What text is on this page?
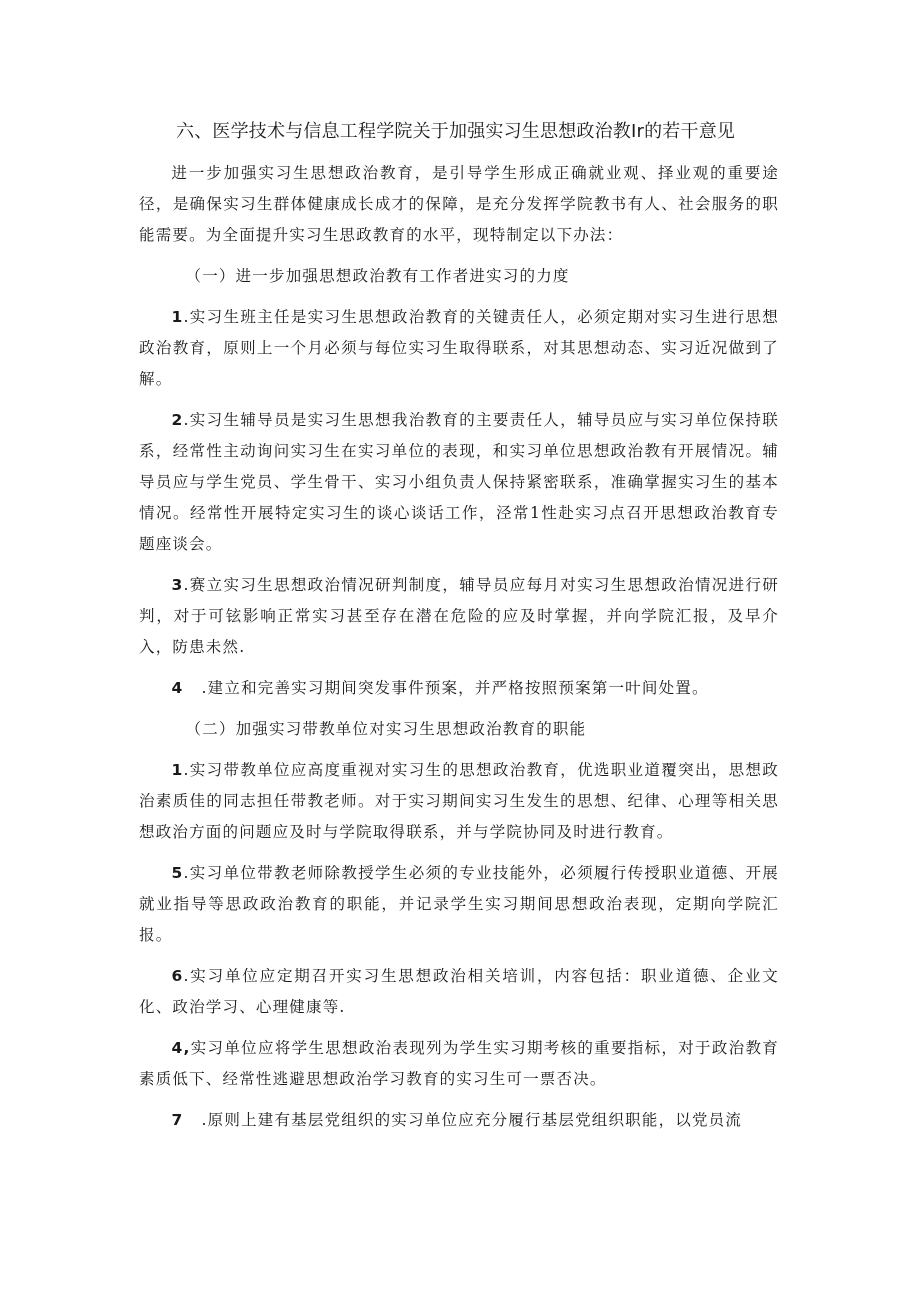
六、医学技术与信息工程学院关于加强实习生思想政治教Ir的若干意见

进一步加强实习生思想政治教育，是引导学生形成正确就业观、择业观的重要途径，是确保实习生群体健康成长成才的保障，是充分发挥学院教书有人、社会服务的职能需要。为全面提升实习生思政教育的水平，现特制定以下办法：

（一）进一步加强思想政治教有工作者进实习的力度

1.实习生班主任是实习生思想政治教育的关键责任人，必须定期对实习生进行思想政治教育，原则上一个月必须与每位实习生取得联系，对其思想动态、实习近况做到了解。

2.实习生辅导员是实习生思想我治教育的主要责任人，辅导员应与实习单位保持联系，经常性主动询问实习生在实习单位的表现，和实习单位思想政治教有开展情况。辅导员应与学生党员、学生骨干、实习小组负责人保持紧密联系，准确掌握实习生的基本情况。经常性开展特定实习生的谈心谈话工作，泾常1性赴实习点召开思想政治教育专题座谈会。

3.赛立实习生思想政治情况研判制度，辅导员应每月对实习生思想政治情况进行研判，对于可铉影响正常实习甚至存在潜在危险的应及时掌握，并向学院汇报，及早介入，防患未然.

4 .建立和完善实习期间突发事件预案，并严格按照预案第一叶间处置。

（二）加强实习带教单位对实习生思想政治教育的职能

1.实习带教单位应高度重视对实习生的思想政治教育，优选职业道覆突出，思想政治素质佳的同志担任带教老师。对于实习期间实习生发生的思想、纪律、心理等相关思想政治方面的问题应及时与学院取得联系，并与学院协同及时进行教育。

5.实习单位带教老师除教授学生必须的专业技能外，必须履行传授职业道德、开展就业指导等思政政治教育的职能，并记录学生实习期间思想政治表现，定期向学院汇报。

6.实习单位应定期召开实习生思想政治相关培训，内容包括：职业道德、企业文化、政治学习、心理健康等.

4,实习单位应将学生思想政治表现列为学生实习期考核的重要指标，对于政治教育素质低下、经常性逃避思想政治学习教育的实习生可一票否决。

7 .原则上建有基层党组织的实习单位应充分履行基层党组织职能，以党员流
